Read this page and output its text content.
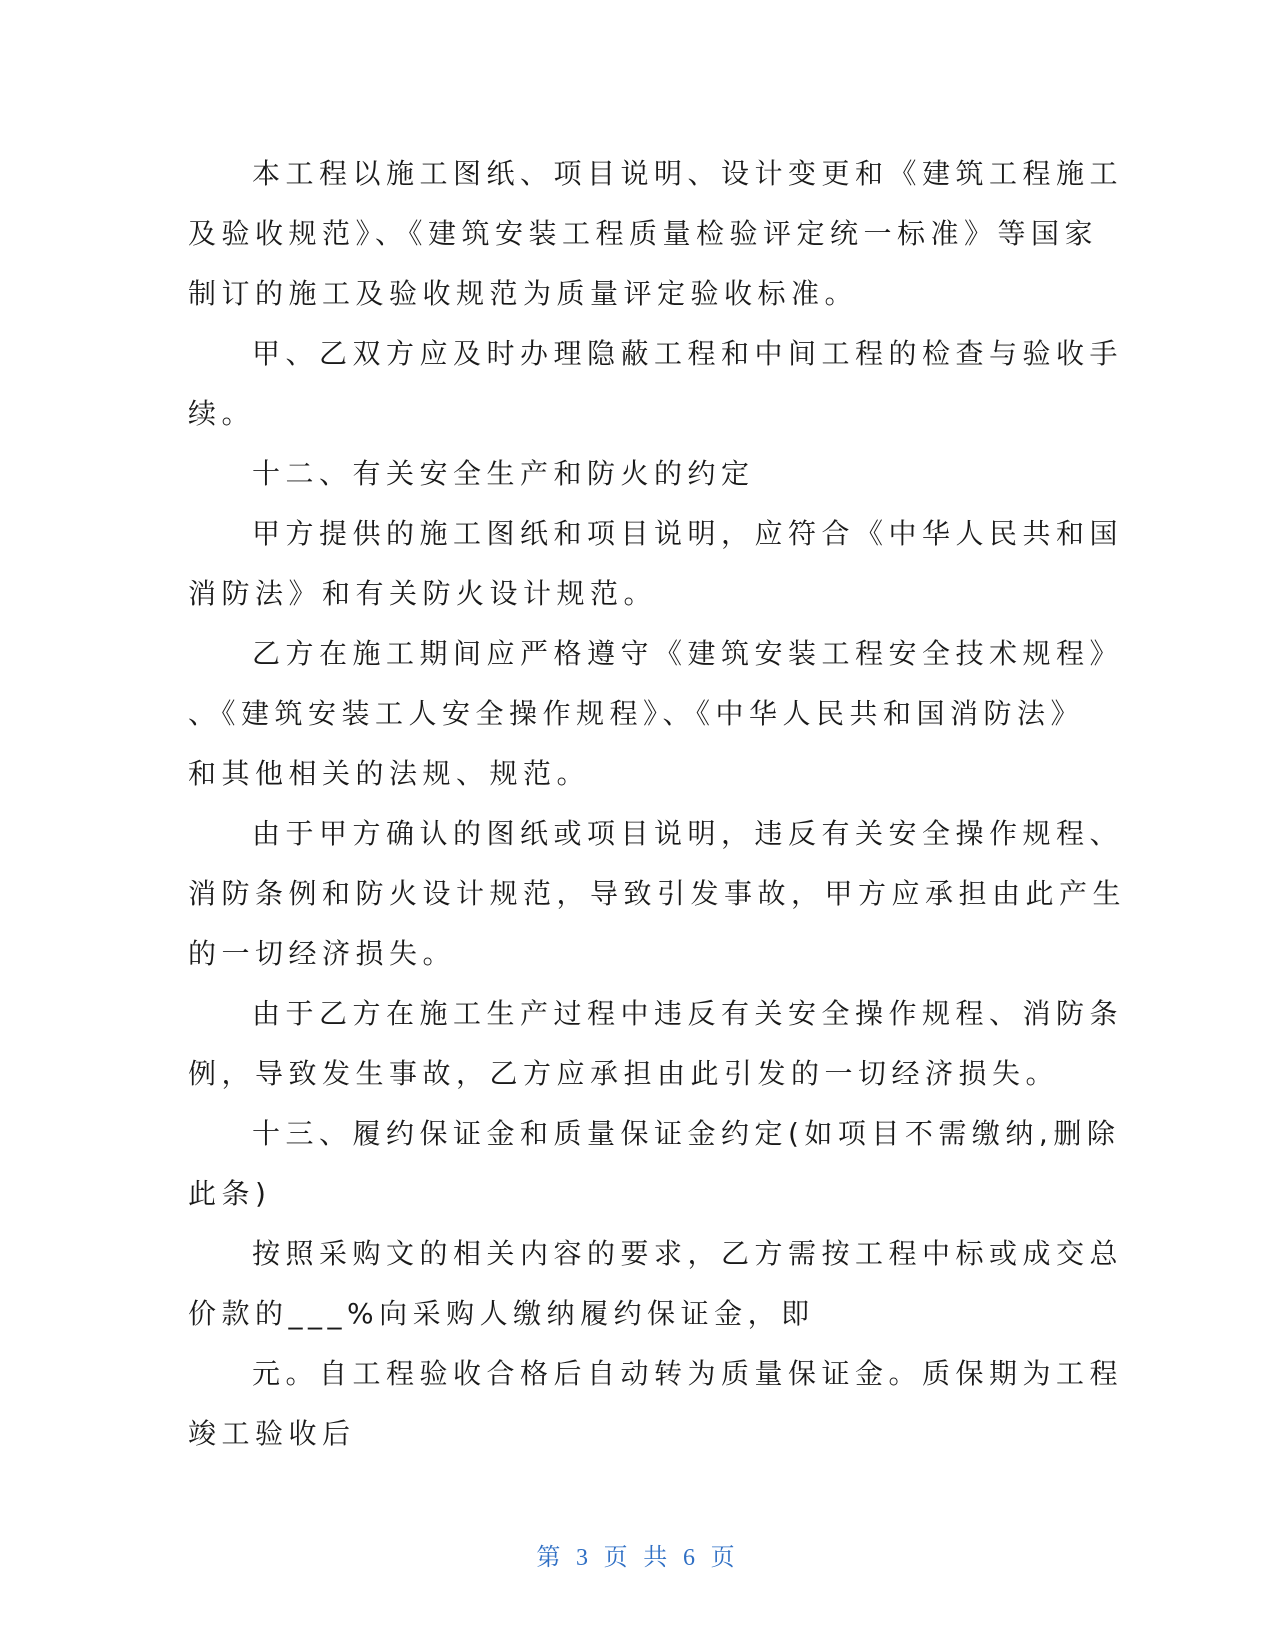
本工程以施工图纸、项目说明、设计变更和《建筑工程施工

及验收规范》、《建筑安装工程质量检验评定统一标准》等国家

制订的施工及验收规范为质量评定验收标准。

甲、乙双方应及时办理隐蔽工程和中间工程的检查与验收手

续。

十二、有关安全生产和防火的约定

甲方提供的施工图纸和项目说明，应符合《中华人民共和国

消防法》和有关防火设计规范。

乙方在施工期间应严格遵守《建筑安装工程安全技术规程》

、《建筑安装工人安全操作规程》、《中华人民共和国消防法》

和其他相关的法规、规范。

由于甲方确认的图纸或项目说明，违反有关安全操作规程、

消防条例和防火设计规范，导致引发事故，甲方应承担由此产生

的一切经济损失。

由于乙方在施工生产过程中违反有关安全操作规程、消防条

例，导致发生事故，乙方应承担由此引发的一切经济损失。

十三、履约保证金和质量保证金约定(如项目不需缴纳,删除

此条)

按照采购文的相关内容的要求，乙方需按工程中标或成交总

价款的___%向采购人缴纳履约保证金，即

元。自工程验收合格后自动转为质量保证金。质保期为工程

竣工验收后

第 3 页 共 6 页
